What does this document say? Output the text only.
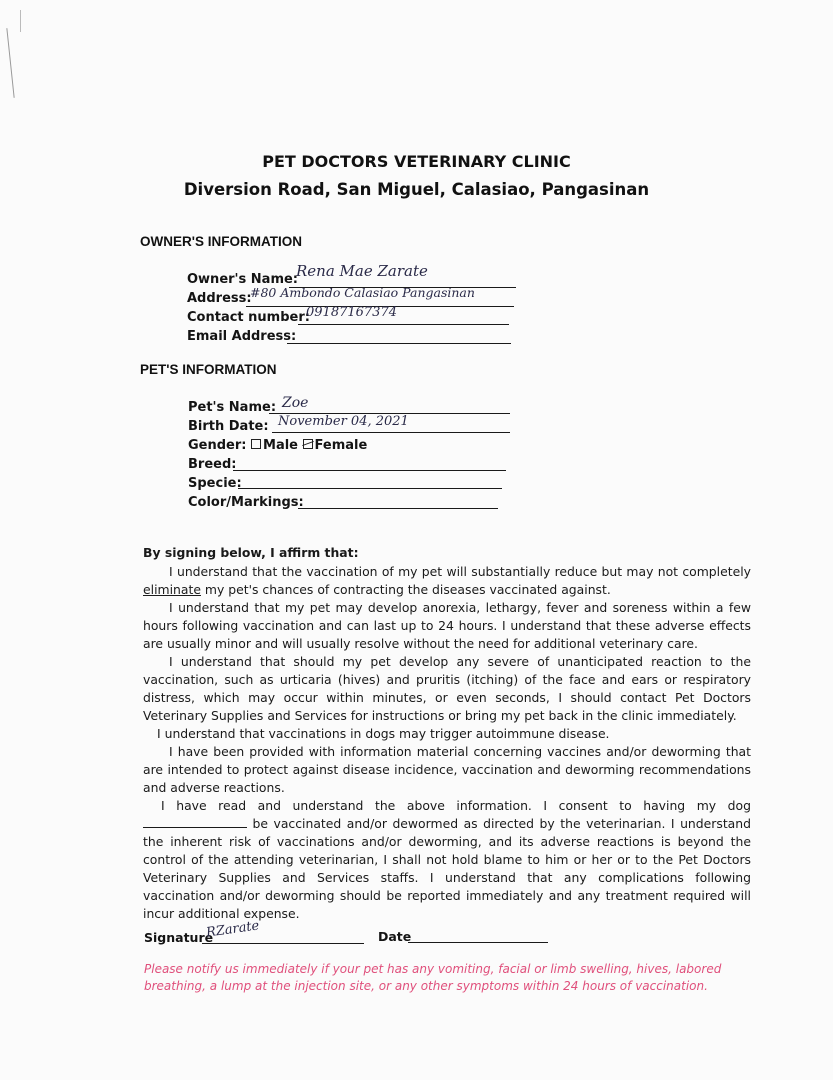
PET DOCTORS VETERINARY CLINIC
Diversion Road, San Miguel, Calasiao, Pangasinan
OWNER'S INFORMATION
Owner's Name:
Rena Mae Zarate
Address:
#80 Ambondo Calasiao Pangasinan
Contact number:
09187167374
Email Address:
PET'S INFORMATION
Pet's Name: Zoe
Birth Date: November 04, 2021
Gender: Male Female
Breed:
Specie:
Color/Markings:

By signing below, I affirm that:

I understand that the vaccination of my pet will substantially reduce but may not completely eliminate my pet's chances of contracting the diseases vaccinated against.

I understand that my pet may develop anorexia, lethargy, fever and soreness within a few hours following vaccination and can last up to 24 hours. I understand that these adverse effects are usually minor and will usually resolve without the need for additional veterinary care.

I understand that should my pet develop any severe of unanticipated reaction to the vaccination, such as urticaria (hives) and pruritis (itching) of the face and ears or respiratory distress, which may occur within minutes, or even seconds, I should contact Pet Doctors Veterinary Supplies and Services for instructions or bring my pet back in the clinic immediately.

I understand that vaccinations in dogs may trigger autoimmune disease.

I have been provided with information material concerning vaccines and/or deworming that are intended to protect against disease incidence, vaccination and deworming recommendations and adverse reactions.

I have read and understand the above information. I consent to having my dog  be vaccinated and/or dewormed as directed by the veterinarian. I understand the inherent risk of vaccinations and/or deworming, and its adverse reactions is beyond the control of the attending veterinarian, I shall not hold blame to him or her or to the Pet Doctors Veterinary Supplies and Services staffs. I understand that any complications following vaccination and/or deworming should be reported immediately and any treatment required will incur additional expense.

Signature
RZarate	Date
Please notify us immediately if your pet has any vomiting, facial or limb swelling, hives, labored breathing, a lump at the injection site, or any other symptoms within 24 hours of vaccination.
